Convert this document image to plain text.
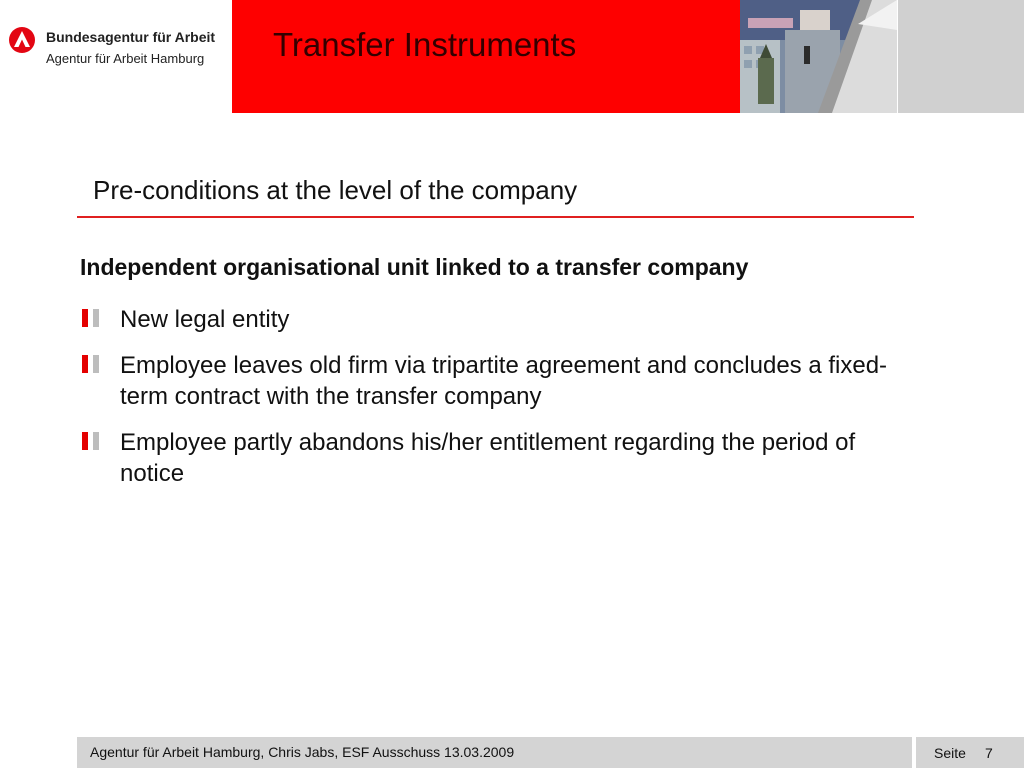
Bundesagentur für Arbeit
Agentur für Arbeit Hamburg Transfer Instruments
Pre-conditions at the level of the company
Independent organisational unit linked to a transfer company
New legal entity
Employee leaves old firm via tripartite agreement and concludes a fixed-term contract with the transfer company
Employee partly abandons his/her entitlement regarding the period of notice
Agentur für Arbeit Hamburg, Chris Jabs, ESF Ausschuss 13.03.2009	Seite 7
